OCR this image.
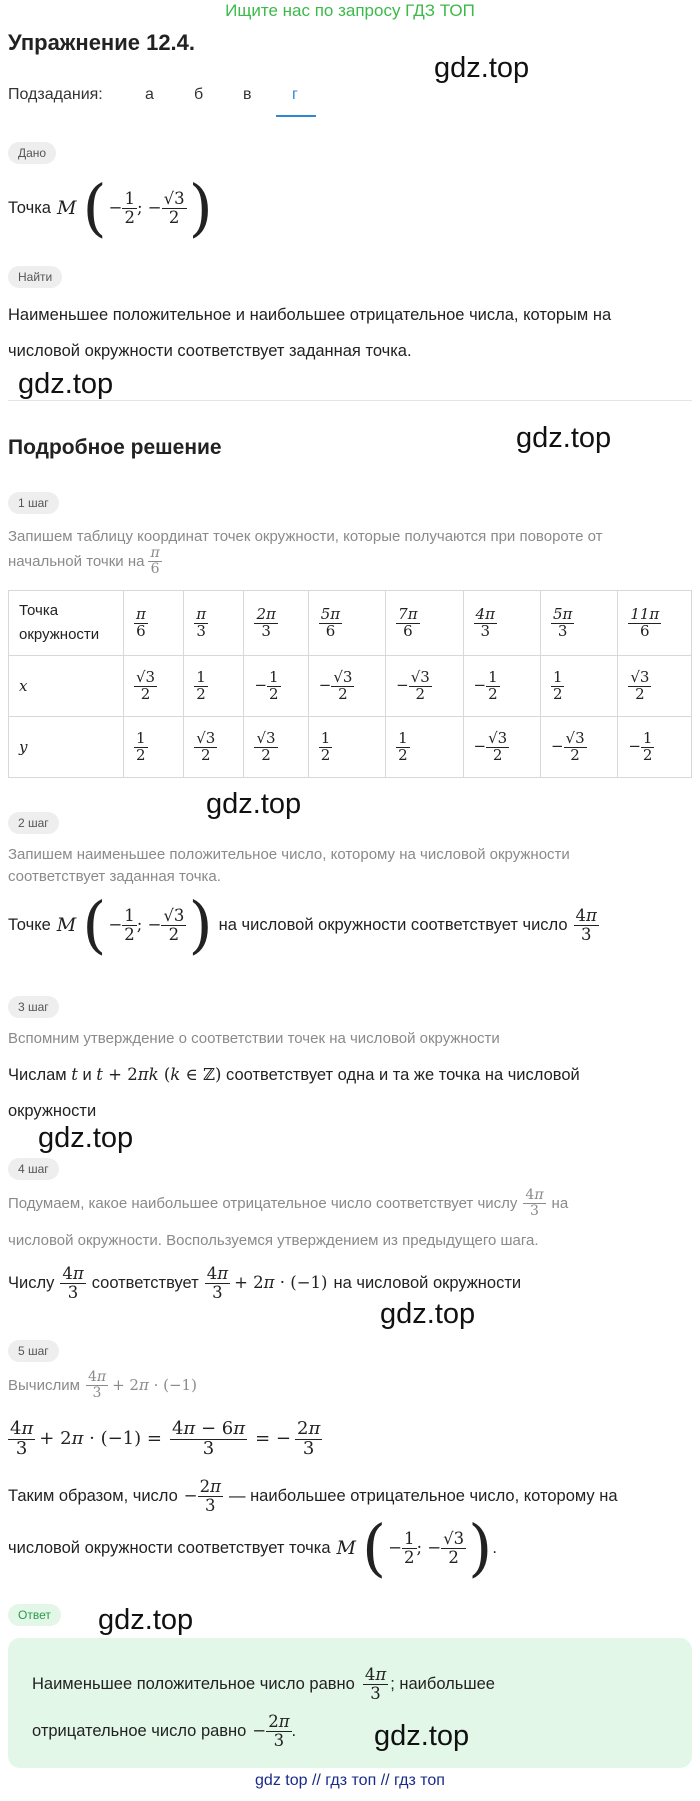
Ищите нас по запросу ГДЗ ТОП
Упражнение 12.4.
gdz.top
Подзадания:	а	б в	г
Дано
Точка M ( − $\frac{1}{2}$ ; − $\frac{√3}{2}$ )
Найти
Наименьшее положительное и наибольшее отрицательное числа, которым на
числовой окружности соответствует заданная точка.
gdz.top
Подробное решение	gdz.top
1 шаг
Запишем таблицу координат точек окружности, которые получаются при повороте от
начальной точки на $\frac{\pi}{6}$
Точка
окружности	$\frac{\pi}{6}$	$\frac{\pi}{3}$	$\frac{2\pi}{3}$	$\frac{5\pi}{6}$	$\frac{7\pi}{6}$	$\frac{4\pi}{3}$	$\frac{5\pi}{3}$	$\frac{11\pi}{6}$

x	$\frac{√3}{2}$	$\frac{1}{2}$	− $\frac{1}{2}$	− $\frac{√3}{2}$	− $\frac{√3}{2}$	− $\frac{1}{2}$	$\frac{1}{2}$	$\frac{√3}{2}$

y	$\frac{1}{2}$	$\frac{√3}{2}$	$\frac{√3}{2}$	$\frac{1}{2}$	$\frac{1}{2}$	− $\frac{√3}{2}$	− $\frac{√3}{2}$	− $\frac{1}{2}$
gdz.top
2 шаг
Запишем наименьшее положительное число, которому на числовой окружности
соответствует заданная точка.
Точке M ( − $\frac{1}{2}$ ; − $\frac{√3}{2}$ ) на числовой окружности соответствует число $\frac{4\pi}{3}$
3 шаг
Вспомним утверждение о соответствии точек на числовой окружности
Числам t и t + 2πk (k ∈ ℤ) соответствует одна и та же точка на числовой
окружности
gdz.top
4 шаг
Подумаем, какое наибольшее отрицательное число соответствует числу $\frac{4\pi}{3}$ на
числовой окружности. Воспользуемся утверждением из предыдущего шага.
Числу $\frac{4\pi}{3}$ соответствует $\frac{4\pi}{3} + 2\pi \cdot (-1)$ на числовой окружности
gdz.top
5 шаг
Вычислим $\frac{4\pi}{3} + 2\pi \cdot (-1)$
$\frac{4\pi}{3} + 2\pi \cdot (-1) = \frac{4\pi - 6\pi}{3}$ = − $\frac{2\pi}{3}$
Таким образом, число − $\frac{2\pi}{3}$ — наибольшее отрицательное число, которому на
числовой окружности соответствует точка M ( − $\frac{1}{2}$ ; − $\frac{√3}{2}$ ) .
Ответ	gdz.top
Наименьшее положительное число равно $\frac{4\pi}{3}$ ; наибольшее
отрицательное число равно − $\frac{2\pi}{3}$ .	gdz.top
gdz top // гдз топ // гдз топ
